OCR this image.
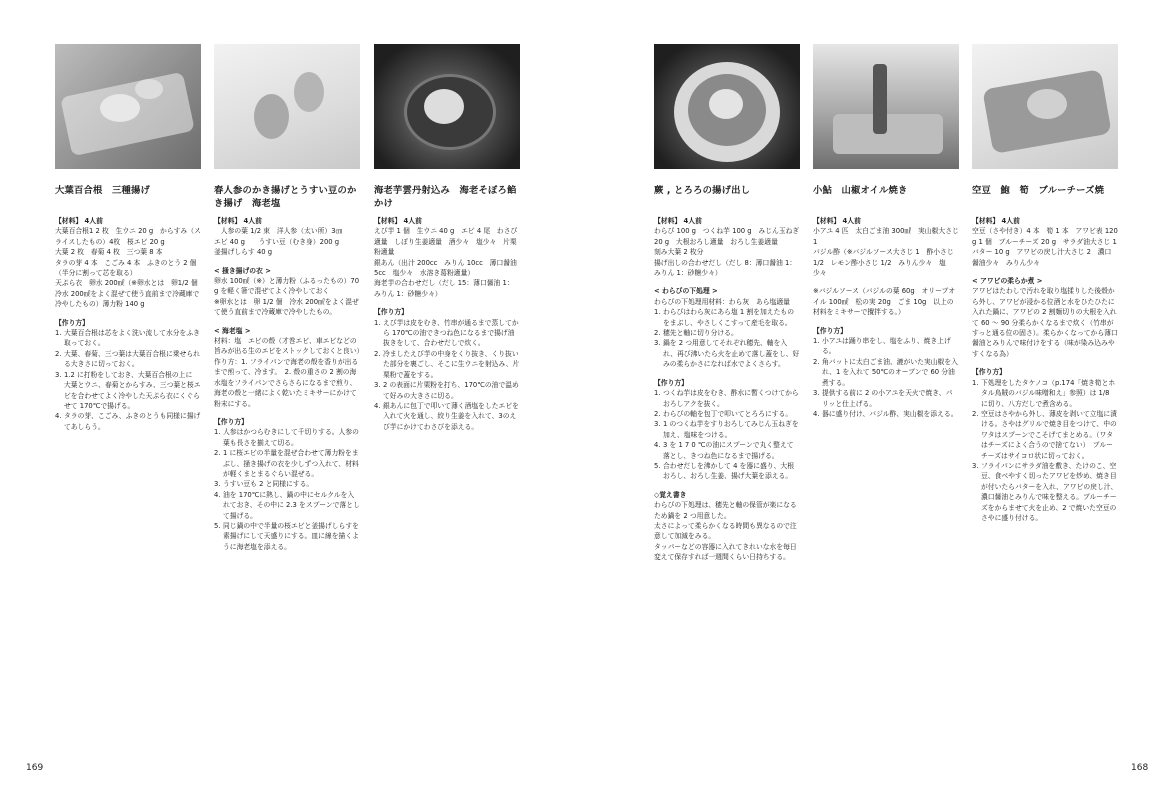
大葉百合根　三種揚げ
【材料】 4人前
大葉百合根1 2 枚　生ウニ 20 g　からすみ（スライスしたもの）4枚　桜エビ 20 g
大葉 2 枚　春菊 4 枚　三つ葉 8 本
タラの芽 4 本　こごみ 4 本　ふきのとう 2 個（半分に割って芯を取る）
天ぷら衣　卵水 200㎖（※卵水とは　卵1/2 個　冷水 200㎖をよく混ぜて使う直前まで冷蔵庫で冷やしたもの）薄力粉 140 g
【作り方】
1. 大葉百合根は芯をよく洗い流して水分をふき取っておく。
2. 大葉、春菊、三つ葉は大葉百合根に乗せられる大きさに切っておく。
3. 1.2 に打粉をしておき、大葉百合根の上に　大葉とウニ、春菊とからすみ、三つ葉と桜エビを合わせてよく冷やした天ぷら衣にくぐらせて 170℃で揚げる。
4. タラの芽、こごみ、ふきのとうも同様に揚げてあしらう。
春人参のかき揚げとうすい豆のかき揚げ　海老塩
【材料】 4人前
　人参の葉 1/2 束　洋人参（太い所）3㎝
エビ 40 g　　うすい豆（むき身）200 g
釜揚げしらす 40 g
< 掻き揚げの衣 >
卵水 100㎖（※）と薄力粉（ふるったもの）70 g を軽く箸で混ぜてよく冷やしておく
※卵水とは　卵 1/2 個　冷水 200㎖をよく混ぜて使う直前まで冷蔵庫で冷やしたもの。
< 海老塩 >
材料：塩　エビの殻（才巻エビ、車エビなどの旨みが出る生のエビをストックしておくと良い）
作り方：1. フライパンで海老の殻を香りが出るまで煎って、冷ます。　2. 殻の重さの 2 割の海水塩をフライパンでさらさらになるまで煎り、海老の殻と一緒によく乾いたミキサーにかけて粉末にする。
【作り方】
1. 人参はかつらむきにして千切りする。人参の葉も長さを揃えて切る。
2. 1 に桜エビの半量を混ぜ合わせて薄力粉をまぶし、掻き揚げの衣を少しずつ入れて、材料が軽くまとまるぐらい混ぜる。
3. うすい豆も 2 と同様にする。
4. 油を 170℃に熱し、鍋の中にセルクルを入れておき、その中に 2.3 をスプーンで落として揚げる。
5. 同じ鍋の中で半量の桜エビと釜揚げしらすを素揚げにして天盛りにする。皿に線を描くように海老塩を添える。
海老芋雲丹射込み　海老そぼろ餡かけ
【材料】 4人前
えび芋 1 個　生ウニ 40 g　エビ 4 尾　わさび適量　しぼり生姜適量　酒少々　塩少々　片栗粉適量
銀あん（出汁 200cc　みりん 10cc　薄口醤油 5cc　塩少々　水溶き葛粉適量）
海老芋の合わせだし（だし 15：薄口醤油 1：みりん 1：砂糖少々）
【作り方】
1. えび芋は皮をむき、竹串が通るまで蒸してから 170℃の油できつね色になるまで揚げ油抜きをして、合わせだしで炊く。
2. 冷ましたえび芋の中身をくり抜き、くり抜いた部分を裏ごし、そこに生ウニを射込み、片栗粉で蓋をする。
3. 2 の表面に片栗粉を打ち、170℃の油で温めて好みの大きさに切る。
4. 銀あんに包丁で叩いて薄く酒塩をしたエビを入れて火を通し、絞り生姜を入れて、3のえび芋にかけてわさびを添える。
169
蕨 , とろろの揚げ出し
【材料】 4人前
わらび 100 g　つくね芋 100 g　みじん玉ねぎ 20 g　大根おろし適量　おろし生姜適量
刻み大葉 2 枚分
揚げ出しの合わせだし（だし 8：薄口醤油 1：みりん 1：砂糖少々）
< わらびの下処理 >
わらびの下処理用材料：わら灰　あら塩適量
1. わらびはわら灰にあら塩 1 割を加えたものをまぶし、やさしくこすって産毛を取る。
2. 穂先と軸に切り分ける。
3. 鍋を 2 つ用意してそれぞれ穂先、軸を入れ、再び沸いたら火を止めて落し蓋をし、好みの柔らかさになれば水でよくさらす。
【作り方】
1. つくね芋は皮をむき、酢水に暫くつけてからおろしアクを抜く。
2. わらびの軸を包丁で叩いてとろろにする。
3. 1 のつくね芋をすりおろしてみじん玉ねぎを加え、塩味をつける。
4. 3 を 1 7 0 ℃の油にスプーンで丸く整えて落とし、きつね色になるまで揚げる。
5. 合わせだしを沸かして 4 を器に盛り、大根おろし、おろし生姜、揚げ大葉を添える。
◇覚え書き
わらびの下処理は、穂先と軸の保管が楽になるため鍋を 2 つ用意した。
太さによって柔らかくなる時間も異なるので注意して加減をみる。
タッパーなどの容器に入れてきれいな水を毎日変えて保存すれば一週間くらい日持ちする。
小鮎　山椒オイル焼き
【材料】 4人前
小アユ 4 匹　太白ごま油 300㎖　実山椒大さじ 1
バジル酢（※バジルソース大さじ 1　酢小さじ 1/2　レモン酢小さじ 1/2　みりん少々　塩少々
※バジルソース（バジルの葉 60g　オリーブオイル 100㎖　松の実 20g　ごま 10g　以上の材料をミキサーで攪拌する。）
【作り方】
1. 小アユは踊り串をし、塩をふり、焼き上げる。
2. 角バットに太白ごま油、漉がいた実山椒を入れ、1 を入れて 50℃のオーブンで 60 分油煮する。
3. 提供する前に 2 の小アユを天火で焼き、パリッと仕上げる。
4. 器に盛り付け、バジル酢、実山椒を添える。
空豆　鮑　筍　ブルーチーズ焼
【材料】 4人前
空豆（さや付き）4 本　筍 1 本　アワビ表 120 g 1 個　ブルーチーズ 20 g　サラダ油大さじ 1
バター 10 g　アワビの戻し汁大さじ 2　濃口醤油少々　みりん少々
< アワビの柔らか煮 >
アワビはたわしで汚れを取り塩揉りした後殻から外し、アワビが浸かる位酒と水をひたひたに入れた鍋に、アワビの 2 割麺切りの大根を入れて 60 ～ 90 分柔らかくなるまで炊く（竹串がすっと通る位の固さ）。柔らかくなってから薄口醤油とみりんで味付けをする（味が染み込みやすくなる為）
【作り方】
1. 下処理をしたタケノコ（p.174「焼き筍とホタル烏賊のバジル味噌和え」参照）は 1/8 に切り、八方だしで煮含める。
2. 空豆はさやから外し、薄皮を剥いて立塩に漬ける。さやはグリルで焼き目をつけて、中のワタはスプーンでこそげてまとめる。（ワタはチーズによく合うので捨てない）　ブルーチーズはサイコロ状に切っておく。
3. フライパンにサラダ油を敷き、たけのこ、空豆、食べやすく切ったアワビを炒め、焼き目が付いたらバターを入れ、アワビの戻し汁、濃口醤油とみりんで味を整える。ブルーチーズをからませて火を止め、2 で焼いた空豆のさやに盛り付ける。
168
